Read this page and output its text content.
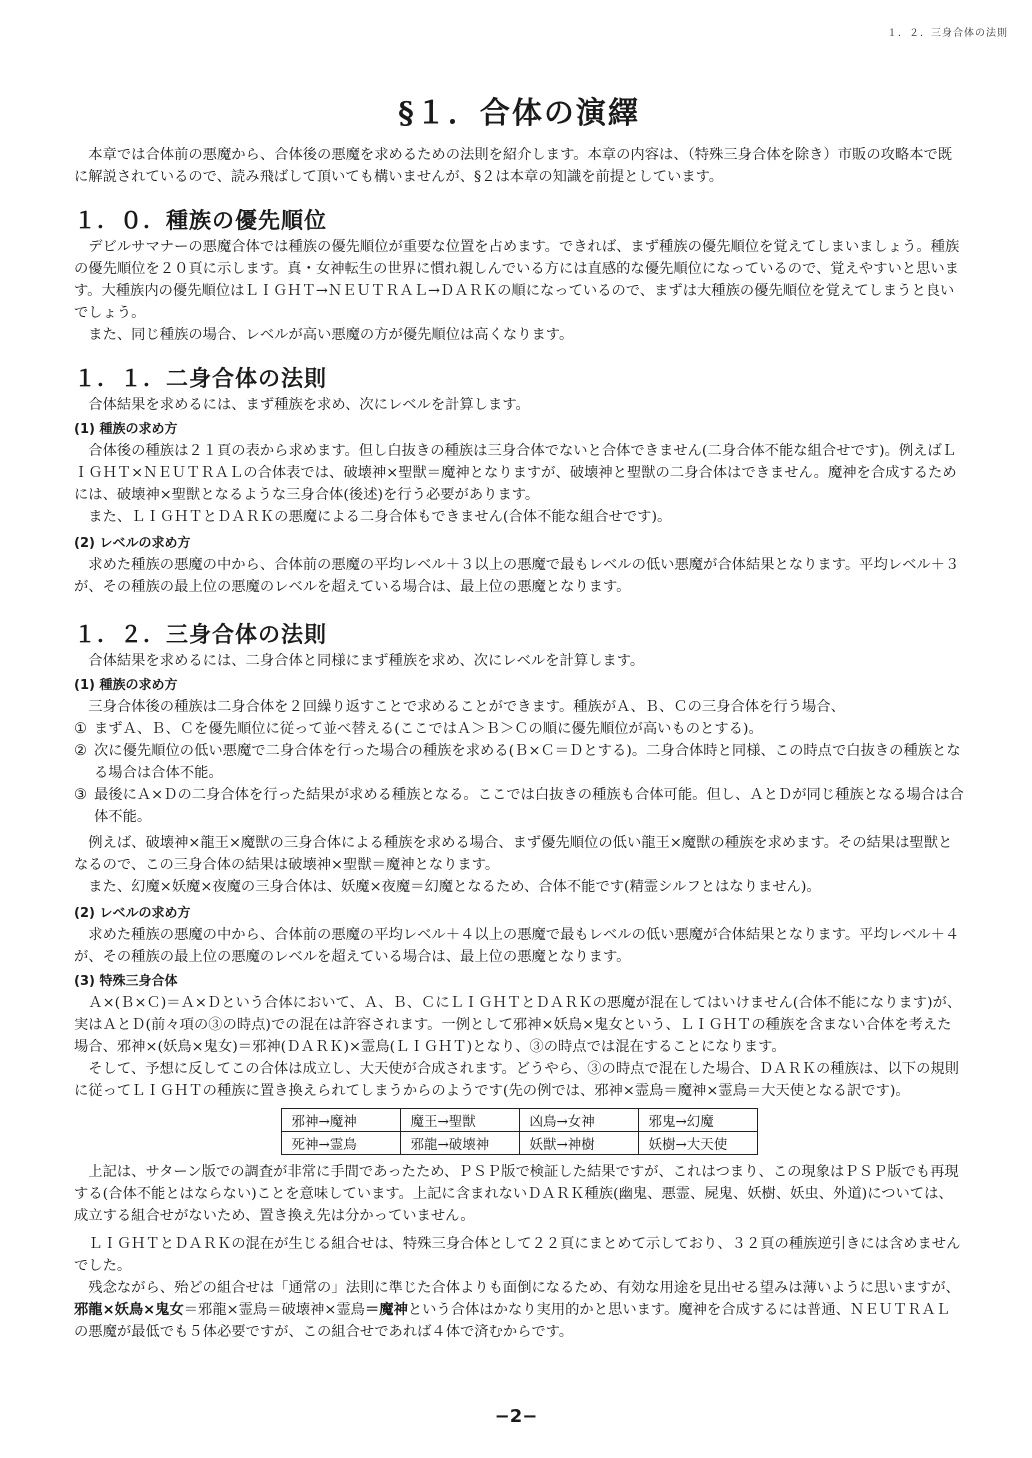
１．２．三身合体の法則
§１．合体の演繹

本章では合体前の悪魔から、合体後の悪魔を求めるための法則を紹介します。本章の内容は、（特殊三身合体を除き）市販の攻略本で既に解説されているので、読み飛ばして頂いても構いませんが、§２は本章の知識を前提としています。

１．０．種族の優先順位

デビルサマナーの悪魔合体では種族の優先順位が重要な位置を占めます。できれば、まず種族の優先順位を覚えてしまいましょう。種族の優先順位を２０頁に示します。真・女神転生の世界に慣れ親しんでいる方には直感的な優先順位になっているので、覚えやすいと思います。大種族内の優先順位はＬＩＧＨＴ→ＮＥＵＴＲＡＬ→ＤＡＲＫの順になっているので、まずは大種族の優先順位を覚えてしまうと良いでしょう。

また、同じ種族の場合、レベルが高い悪魔の方が優先順位は高くなります。

１．１．二身合体の法則

合体結果を求めるには、まず種族を求め、次にレベルを計算します。

(1) 種族の求め方

合体後の種族は２１頁の表から求めます。但し白抜きの種族は三身合体でないと合体できません(二身合体不能な組合せです)。例えばＬＩＧＨＴ×ＮＥＵＴＲＡＬの合体表では、破壊神×聖獣＝魔神となりますが、破壊神と聖獣の二身合体はできません。魔神を合成するためには、破壊神×聖獣となるような三身合体(後述)を行う必要があります。

また、ＬＩＧＨＴとＤＡＲＫの悪魔による二身合体もできません(合体不能な組合せです)。

(2) レベルの求め方

求めた種族の悪魔の中から、合体前の悪魔の平均レベル＋３以上の悪魔で最もレベルの低い悪魔が合体結果となります。平均レベル＋３が、その種族の最上位の悪魔のレベルを超えている場合は、最上位の悪魔となります。

１．２．三身合体の法則

合体結果を求めるには、二身合体と同様にまず種族を求め、次にレベルを計算します。

(1) 種族の求め方

三身合体後の種族は二身合体を２回繰り返すことで求めることができます。種族がＡ、Ｂ、Ｃの三身合体を行う場合、

① まずＡ、Ｂ、Ｃを優先順位に従って並べ替える(ここではＡ＞Ｂ＞Ｃの順に優先順位が高いものとする)。
② 次に優先順位の低い悪魔で二身合体を行った場合の種族を求める(Ｂ×Ｃ＝Ｄとする)。二身合体時と同様、この時点で白抜きの種族となる場合は合体不能。
③ 最後にＡ×Ｄの二身合体を行った結果が求める種族となる。ここでは白抜きの種族も合体可能。但し、ＡとＤが同じ種族となる場合は合体不能。

例えば、破壊神×龍王×魔獣の三身合体による種族を求める場合、まず優先順位の低い龍王×魔獣の種族を求めます。その結果は聖獣となるので、この三身合体の結果は破壊神×聖獣＝魔神となります。

また、幻魔×妖魔×夜魔の三身合体は、妖魔×夜魔＝幻魔となるため、合体不能です(精霊シルフとはなりません)。

(2) レベルの求め方

求めた種族の悪魔の中から、合体前の悪魔の平均レベル＋４以上の悪魔で最もレベルの低い悪魔が合体結果となります。平均レベル＋４が、その種族の最上位の悪魔のレベルを超えている場合は、最上位の悪魔となります。

(3) 特殊三身合体

Ａ×(Ｂ×Ｃ)＝Ａ×Ｄという合体において、Ａ、Ｂ、ＣにＬＩＧＨＴとＤＡＲＫの悪魔が混在してはいけません(合体不能になります)が、実はＡとＤ(前々項の③の時点)での混在は許容されます。一例として邪神×妖鳥×鬼女という、ＬＩＧＨＴの種族を含まない合体を考えた場合、邪神×(妖鳥×鬼女)＝邪神(ＤＡＲＫ)×霊鳥(ＬＩＧＨＴ)となり、③の時点では混在することになります。

そして、予想に反してこの合体は成立し、大天使が合成されます。どうやら、③の時点で混在した場合、ＤＡＲＫの種族は、以下の規則に従ってＬＩＧＨＴの種族に置き換えられてしまうからのようです(先の例では、邪神×霊鳥＝魔神×霊鳥＝大天使となる訳です)。

邪神→魔神	魔王→聖獣	凶鳥→女神	邪鬼→幻魔
死神→霊鳥	邪龍→破壊神	妖獣→神樹	妖樹→大天使

上記は、サターン版での調査が非常に手間であったため、ＰＳＰ版で検証した結果ですが、これはつまり、この現象はＰＳＰ版でも再現する(合体不能とはならない)ことを意味しています。上記に含まれないＤＡＲＫ種族(幽鬼、悪霊、屍鬼、妖樹、妖虫、外道)については、成立する組合せがないため、置き換え先は分かっていません。

ＬＩＧＨＴとＤＡＲＫの混在が生じる組合せは、特殊三身合体として２２頁にまとめて示しており、３２頁の種族逆引きには含めませんでした。

残念ながら、殆どの組合せは「通常の」法則に準じた合体よりも面倒になるため、有効な用途を見出せる望みは薄いように思いますが、邪龍×妖鳥×鬼女＝邪龍×霊鳥＝破壊神×霊鳥＝魔神という合体はかなり実用的かと思います。魔神を合成するには普通、ＮＥＵＴＲＡＬの悪魔が最低でも５体必要ですが、この組合せであれば４体で済むからです。

−2−
